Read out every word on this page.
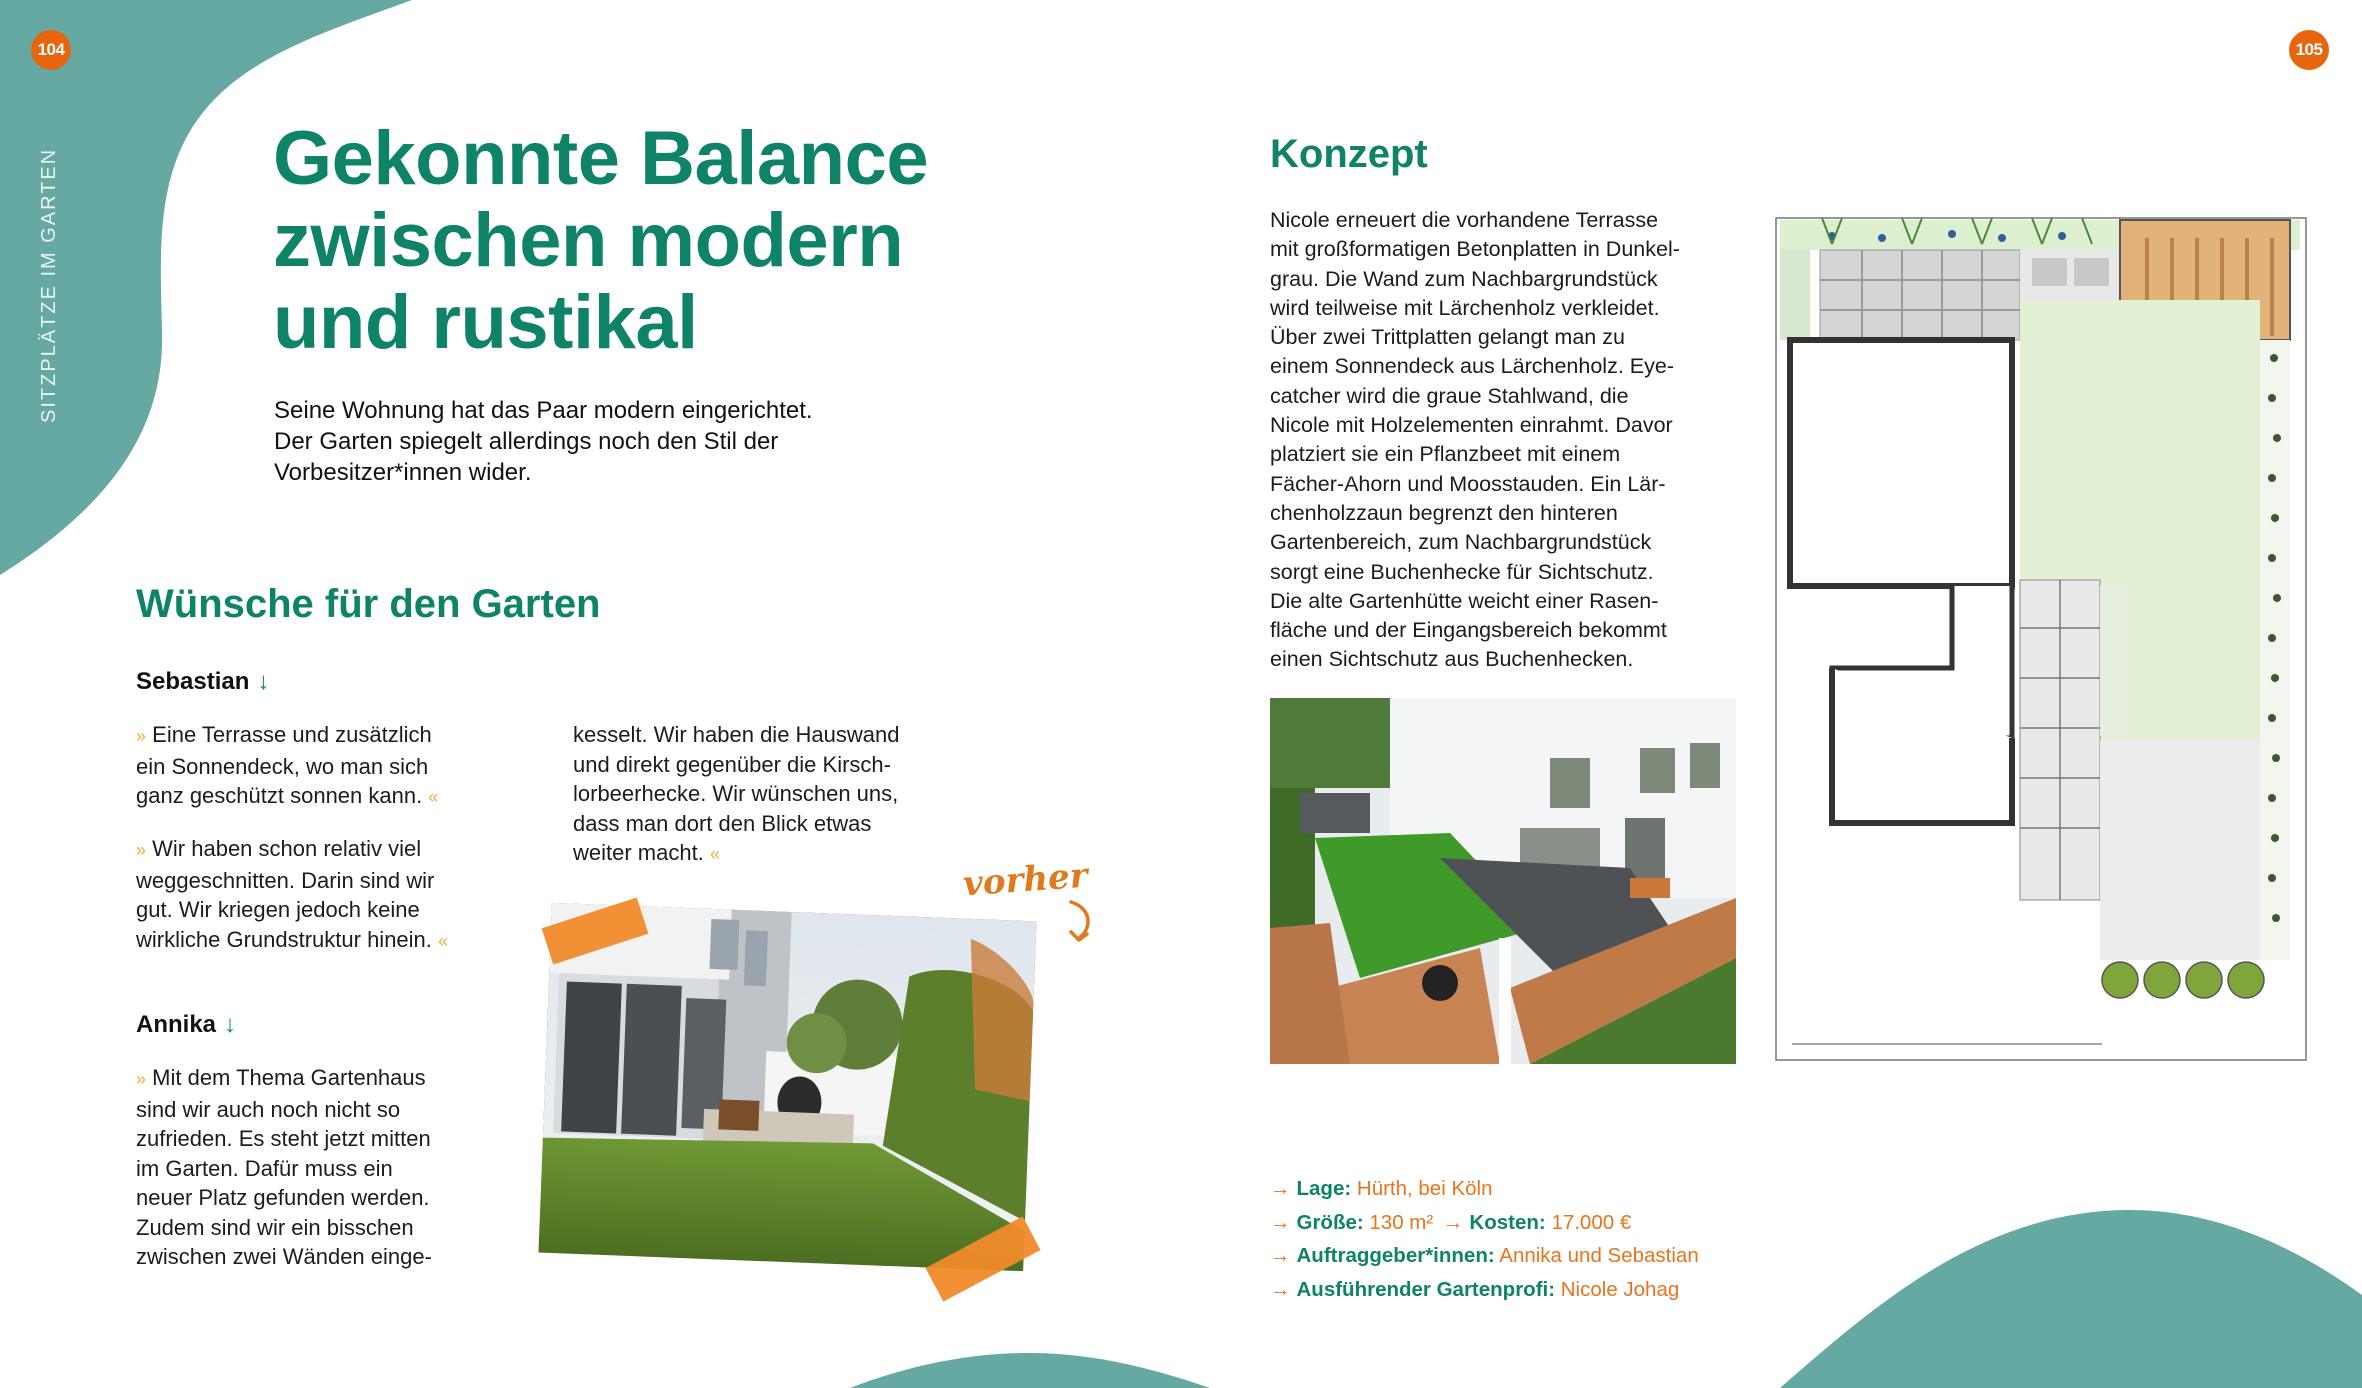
104	105
SITZPLÄTZE IM GARTEN	Gekonnte Balance
zwischen modern
und rustikal
Seine Wohnung hat das Paar modern eingerichtet.
Der Garten spiegelt allerdings noch den Stil der
Vorbesitzer*innen wider.
Wünsche für den Garten
Sebastian ↓
» Eine Terrasse und zusätzlich
ein Sonnendeck, wo man sich
ganz geschützt sonnen kann. «
» Wir haben schon relativ viel
weggeschnitten. Darin sind wir
gut. Wir kriegen jedoch keine
wirkliche Grundstruktur hinein. «
Annika ↓
» Mit dem Thema Gartenhaus
sind wir auch noch nicht so
zufrieden. Es steht jetzt mitten
im Garten. Dafür muss ein
neuer Platz gefunden werden.
Zudem sind wir ein bisschen
zwischen zwei Wänden einge-
kesselt. Wir haben die Hauswand
und direkt gegenüber die Kirsch-
lorbeerhecke. Wir wünschen uns,
dass man dort den Blick etwas
weiter macht. «
vorher
Konzept
Nicole erneuert die vorhandene Terrasse
mit großformatigen Betonplatten in Dunkel-
grau. Die Wand zum Nachbargrundstück
wird teilweise mit Lärchenholz verkleidet.
Über zwei Trittplatten gelangt man zu
einem Sonnendeck aus Lärchenholz. Eye-
catcher wird die graue Stahlwand, die
Nicole mit Holzelementen einrahmt. Davor
platziert sie ein Pflanzbeet mit einem
Fächer-Ahorn und Moosstauden. Ein Lär-
chenholzzaun begrenzt den hinteren
Gartenbereich, zum Nachbargrundstück
sorgt eine Buchenhecke für Sichtschutz.
Die alte Gartenhütte weicht einer Rasen-
fläche und der Eingangsbereich bekommt
einen Sichtschutz aus Buchenhecken.
→ Lage: Hürth, bei Köln
→ Größe: 130 m² → Kosten: 17.000 €
→ Auftraggeber*innen: Annika und Sebastian
→ Ausführender Gartenprofi: Nicole Johag
